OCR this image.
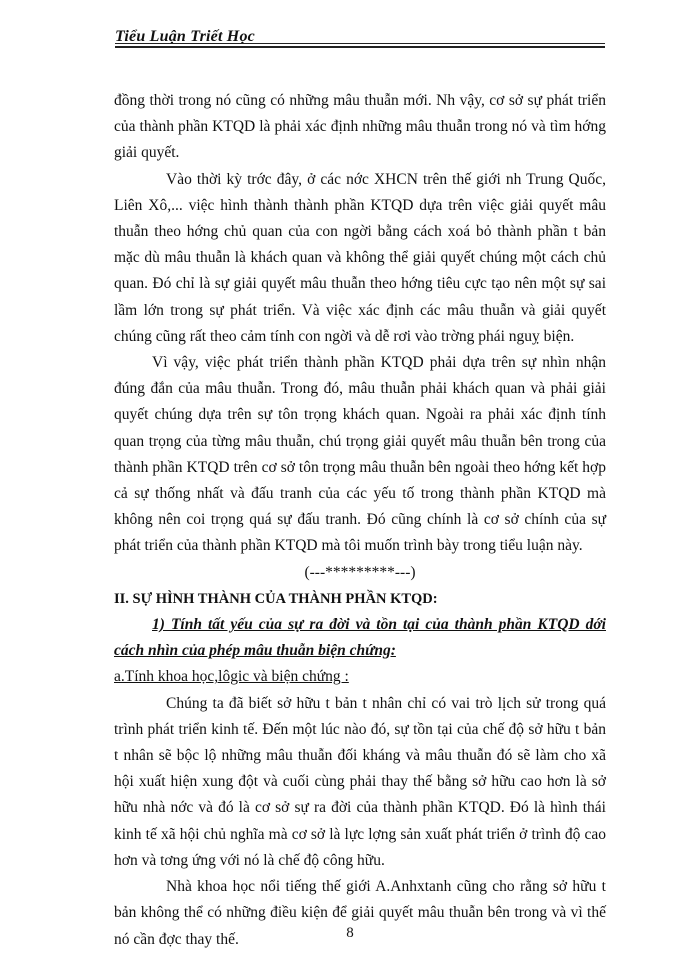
Tiểu Luận Triết Học

đồng thời trong nó cũng có những mâu thuẫn mới. Nh vậy, cơ sở sự phát triển của thành phần KTQD là phải xác định những mâu thuẫn trong nó và tìm hớng giải quyết.

Vào thời kỳ trớc đây, ở các nớc XHCN trên thế giới nh Trung Quốc, Liên Xô,... việc hình thành thành phần KTQD dựa trên việc giải quyết mâu thuẫn theo hớng chủ quan của con ngời bằng cách xoá bỏ thành phần t bản mặc dù mâu thuẫn là khách quan và không thể giải quyết chúng một cách chủ quan. Đó chỉ là sự giải quyết mâu thuẫn theo hớng tiêu cực tạo nên một sự sai lầm lớn trong sự phát triển. Và việc xác định các mâu thuẫn và giải quyết chúng cũng rất theo cảm tính con ngời và dễ rơi vào trờng phái nguỵ biện.

Vì vậy, việc phát triển thành phần KTQD phải dựa trên sự nhìn nhận đúng đắn của mâu thuẫn. Trong đó, mâu thuẫn phải khách quan và phải giải quyết chúng dựa trên sự tôn trọng khách quan. Ngoài ra phải xác định tính quan trọng của từng mâu thuẫn, chú trọng giải quyết mâu thuẫn bên trong của thành phần KTQD trên cơ sở tôn trọng mâu thuẫn bên ngoài theo hớng kết hợp cả sự thống nhất và đấu tranh của các yếu tố trong thành phần KTQD mà không nên coi trọng quá sự đấu tranh. Đó cũng chính là cơ sở chính của sự phát triển của thành phần KTQD mà tôi muốn trình bày trong tiểu luận này.

(---*********---)

II. SỰ HÌNH THÀNH CỦA THÀNH PHẦN KTQD:

1) Tính tất yếu của sự ra đời và tồn tại của thành phần KTQD dới cách nhìn của phép mâu thuẫn biện chứng:

a.Tính khoa học,lôgic và biện chứng :

Chúng ta đã biết sở hữu t bản t nhân chỉ có vai trò lịch sử trong quá trình phát triển kinh tế. Đến một lúc nào đó, sự tồn tại của chế độ sở hữu t bản t nhân sẽ bộc lộ những mâu thuẫn đối kháng và mâu thuẫn đó sẽ làm cho xã hội xuất hiện xung đột và cuối cùng phải thay thế bằng sở hữu cao hơn là sở hữu nhà nớc và đó là cơ sở sự ra đời của thành phần KTQD. Đó là hình thái kinh tế xã hội chủ nghĩa mà cơ sở là lực lợng sản xuất phát triển ở trình độ cao hơn và tơng ứng với nó là chế độ công hữu.

Nhà khoa học nổi tiếng thế giới A.Anhxtanh cũng cho rằng sở hữu t bản không thể có những điều kiện để giải quyết mâu thuẫn bên trong và vì thế nó cần đợc thay thế.	8
